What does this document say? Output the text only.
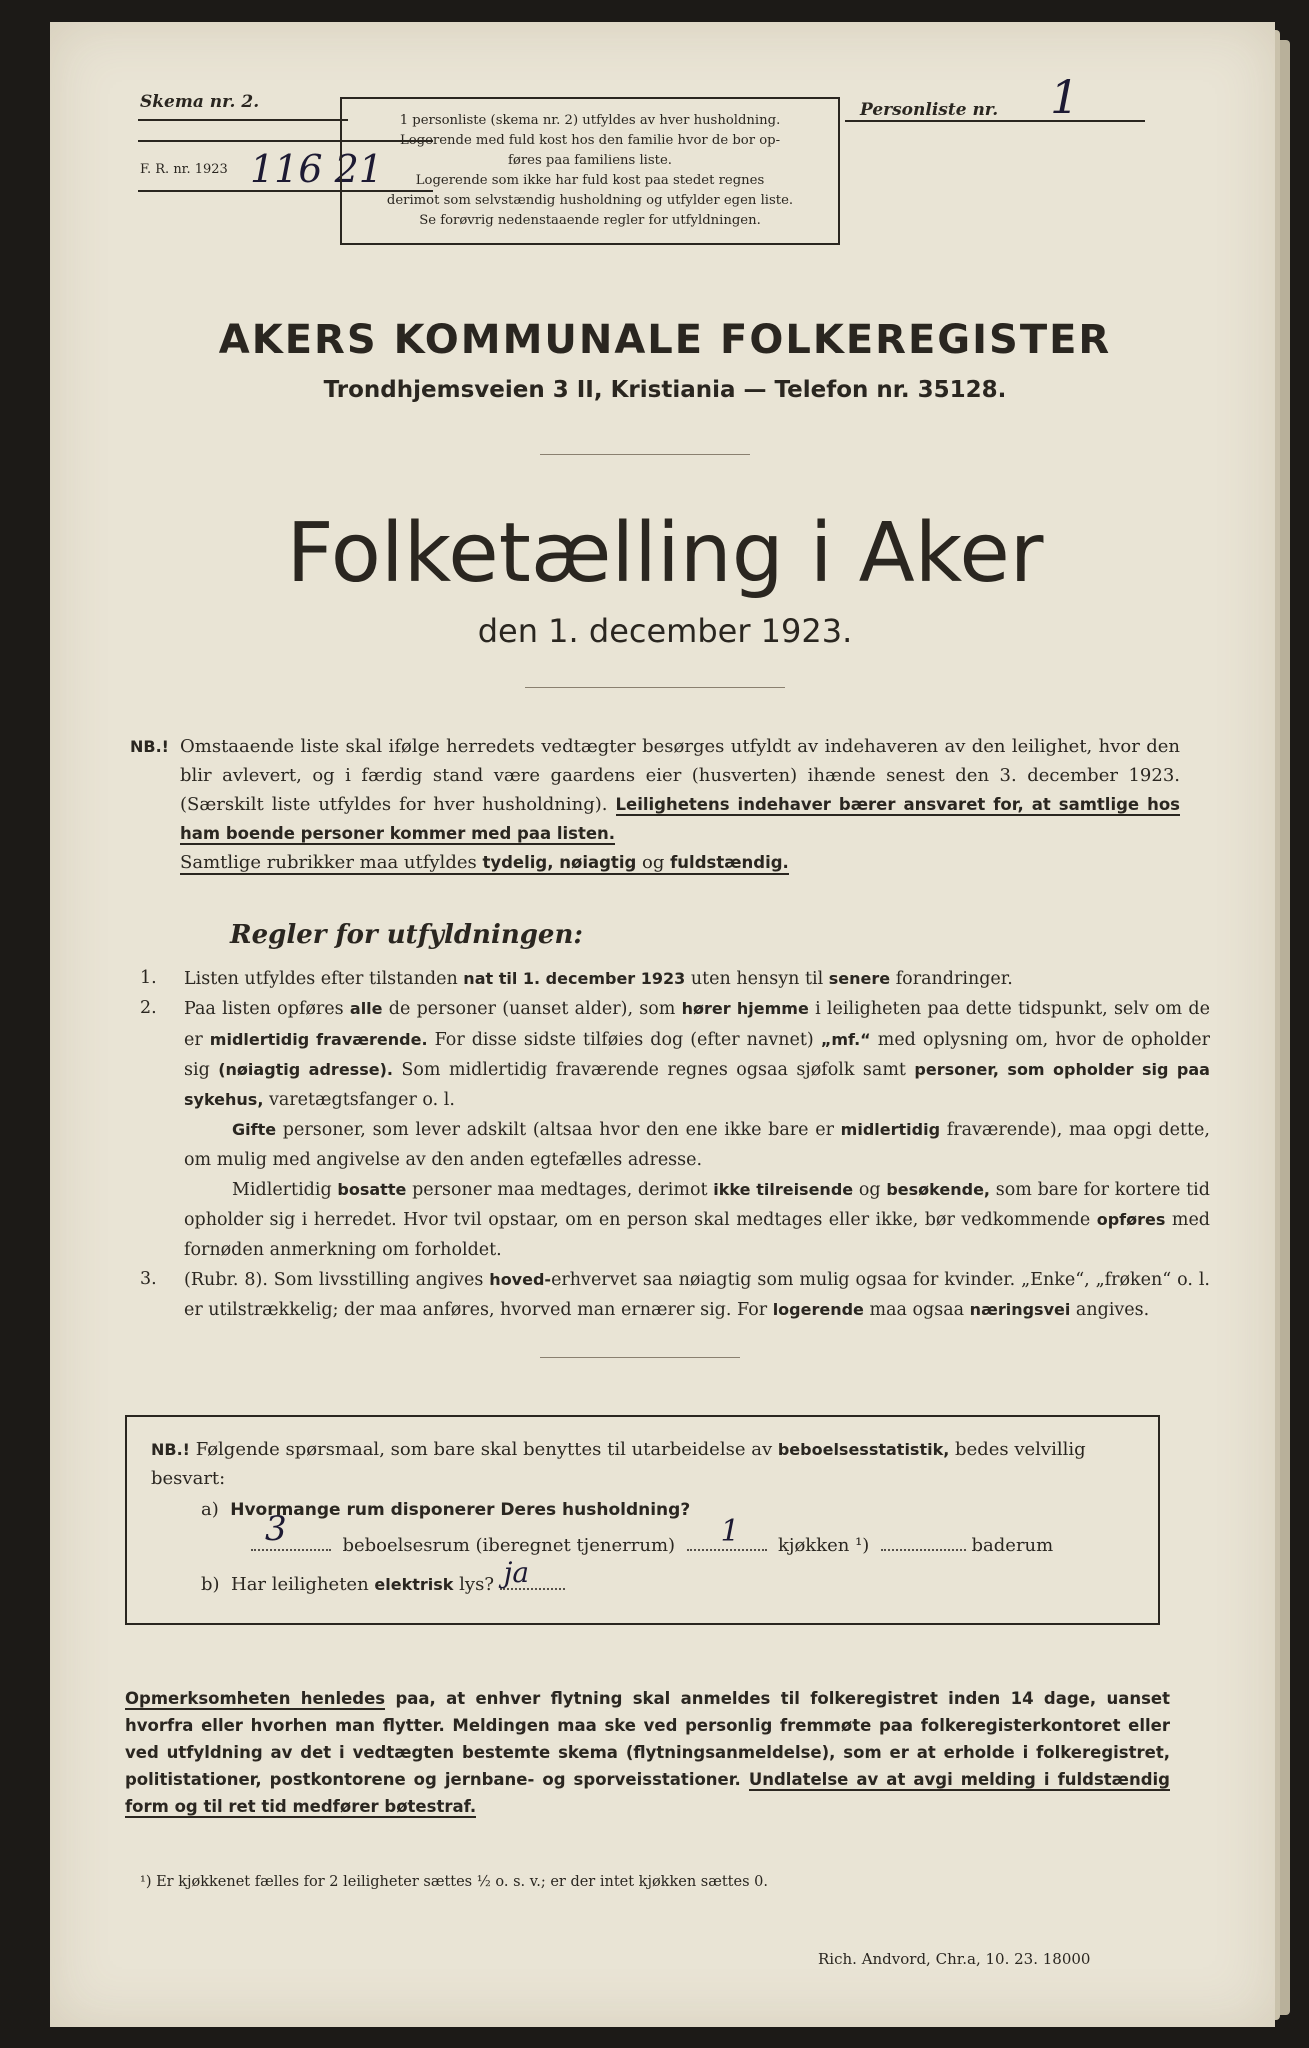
Skema nr. 2.
F. R. nr. 1923 116 21
1 personliste (skema nr. 2) utfyldes av hver husholdning.
Logerende med fuld kost hos den familie hvor de bor op-
føres paa familiens liste.
Logerende som ikke har fuld kost paa stedet regnes
derimot som selvstændig husholdning og utfylder egen liste.
Se forøvrig nedenstaaende regler for utfyldningen.
Personliste nr. 1
AKERS KOMMUNALE FOLKEREGISTER
Trondhjemsveien 3 II, Kristiania — Telefon nr. 35128.
Folketælling i Aker
den 1. december 1923.
NB.! Omstaaende liste skal ifølge herredets vedtægter besørges utfyldt av indehaveren av den leilighet, hvor den blir avlevert, og i færdig stand være gaardens eier (husverten) ihænde senest den 3. december 1923. (Særskilt liste utfyldes for hver husholdning). Leilighetens indehaver bærer ansvaret for, at samtlige hos ham boende personer kommer med paa listen.
Samtlige rubrikker maa utfyldes tydelig, nøiagtig og fuldstændig.
Regler for utfyldningen:
1. Listen utfyldes efter tilstanden nat til 1. december 1923 uten hensyn til senere forandringer.
2. Paa listen opføres alle de personer (uanset alder), som hører hjemme i leiligheten paa dette tidspunkt, selv om de er midlertidig fraværende. For disse sidste tilføies dog (efter navnet) „mf.“ med oplysning om, hvor de opholder sig (nøiagtig adresse). Som midlertidig fraværende regnes ogsaa sjøfolk samt personer, som opholder sig paa sykehus, varetægtsfanger o. l.
Gifte personer, som lever adskilt (altsaa hvor den ene ikke bare er midlertidig fraværende), maa opgi dette, om mulig med angivelse av den anden egtefælles adresse.
Midlertidig bosatte personer maa medtages, derimot ikke tilreisende og besøkende, som bare for kortere tid opholder sig i herredet. Hvor tvil opstaar, om en person skal medtages eller ikke, bør vedkommende opføres med fornøden anmerkning om forholdet.
3. (Rubr. 8). Som livsstilling angives hoved-erhvervet saa nøiagtig som mulig ogsaa for kvinder. „Enke“, „frøken“ o. l. er utilstrækkelig; der maa anføres, hvorved man ernærer sig. For logerende maa ogsaa næringsvei angives.
NB.! Følgende spørsmaal, som bare skal benyttes til utarbeidelse av beboelsesstatistik, bedes velvillig besvart:
a) Hvormange rum disponerer Deres husholdning?
3	beboelsesrum (iberegnet tjenerrum) 1 kjøkken ¹)	baderum
b) Har leiligheten elektrisk lys? ja
Opmerksomheten henledes paa, at enhver flytning skal anmeldes til folkeregistret inden 14 dage, uanset hvorfra eller hvorhen man flytter. Meldingen maa ske ved personlig fremmøte paa folkeregisterkontoret eller ved utfyldning av det i vedtægten bestemte skema (flytningsanmeldelse), som er at erholde i folkeregistret, politistationer, postkontorene og jernbane- og sporveisstationer. Undlatelse av at avgi melding i fuldstændig form og til ret tid medfører bøtestraf.
¹) Er kjøkkenet fælles for 2 leiligheter sættes ½ o. s. v.; er der intet kjøkken sættes 0.
Rich. Andvord, Chr.a, 10. 23. 18000
